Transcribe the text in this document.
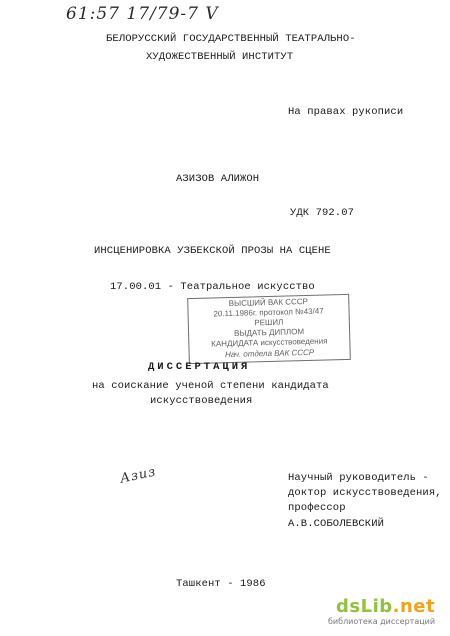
61:57 17/79-7 V
БЕЛОРУССКИЙ ГОСУДАРСТВЕННЫЙ ТЕАТРАЛЬНО-
ХУДОЖЕСТВЕННЫЙ ИНСТИТУТ
На правах рукописи
АЗИЗОВ АЛИЖОН
УДК 792.07
ИНСЦЕНИРОВКА УЗБЕКСКОЙ ПРОЗЫ НА СЦЕНЕ
17.00.01 - Театральное искусство
ВЫСШИЙ ВАК СССР
20.11.1986г. протокол №43/47
РЕШИЛ
ВЫДАТЬ ДИПЛОМ
КАНДИДАТА искусствоведения
Нач. отдела ВАК СССР
ДИССЕРТАЦИЯ
на соискание ученой степени кандидата
искусствоведения
Азиз	Научный руководитель -
доктор искусствоведения,
профессор
А.В.СОБОЛЕВСКИЙ
Ташкент - 1986
dsLib.net
библиотека диссертаций
